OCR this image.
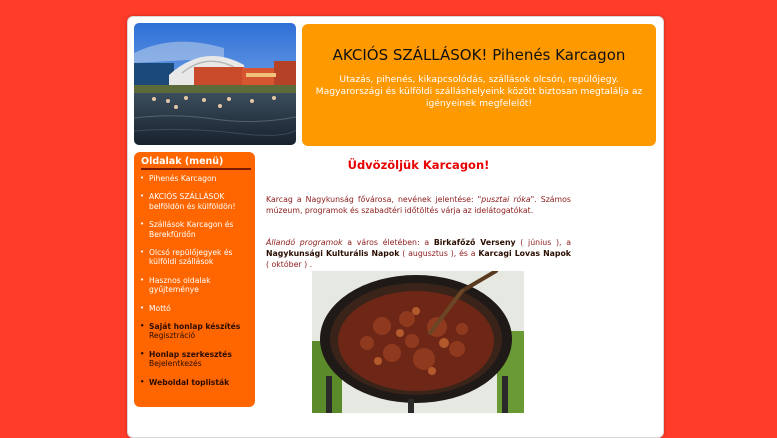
AKCIÓS SZÁLLÁSOK! Pihenés Karcagon
Utazás, pihenés, kikapcsolódás, szállások olcsón, repülőjegy. Magyarországi és külföldi szálláshelyeink között biztosan megtalálja az igényeinek megfelelőt!
Oldalak (menü)
• Pihenés Karcagon
• AKCIÓS SZÁLLÁSOK belföldön és külföldön!
• Szállások Karcagon és Berekfürdőn
• Olcsó repülőjegyek és külföldi szállások
• Hasznos oldalak gyűjteménye
• Mottó
• Saját honlap készítés
Regisztráció
• Honlap szerkesztés
Bejelentkezés
• Weboldal toplisták
Üdvözöljük Karcagon!
Karcag a Nagykunság fővárosa, nevének jelentése: "pusztai róka". Számos múzeum, programok és szabadtéri időtöltés várja az idelátogatókat.
Állandó programok a város életében: a Birkafőző Verseny ( június ), a Nagykunsági Kulturális Napok ( augusztus ), és a Karcagi Lovas Napok ( október ) .
